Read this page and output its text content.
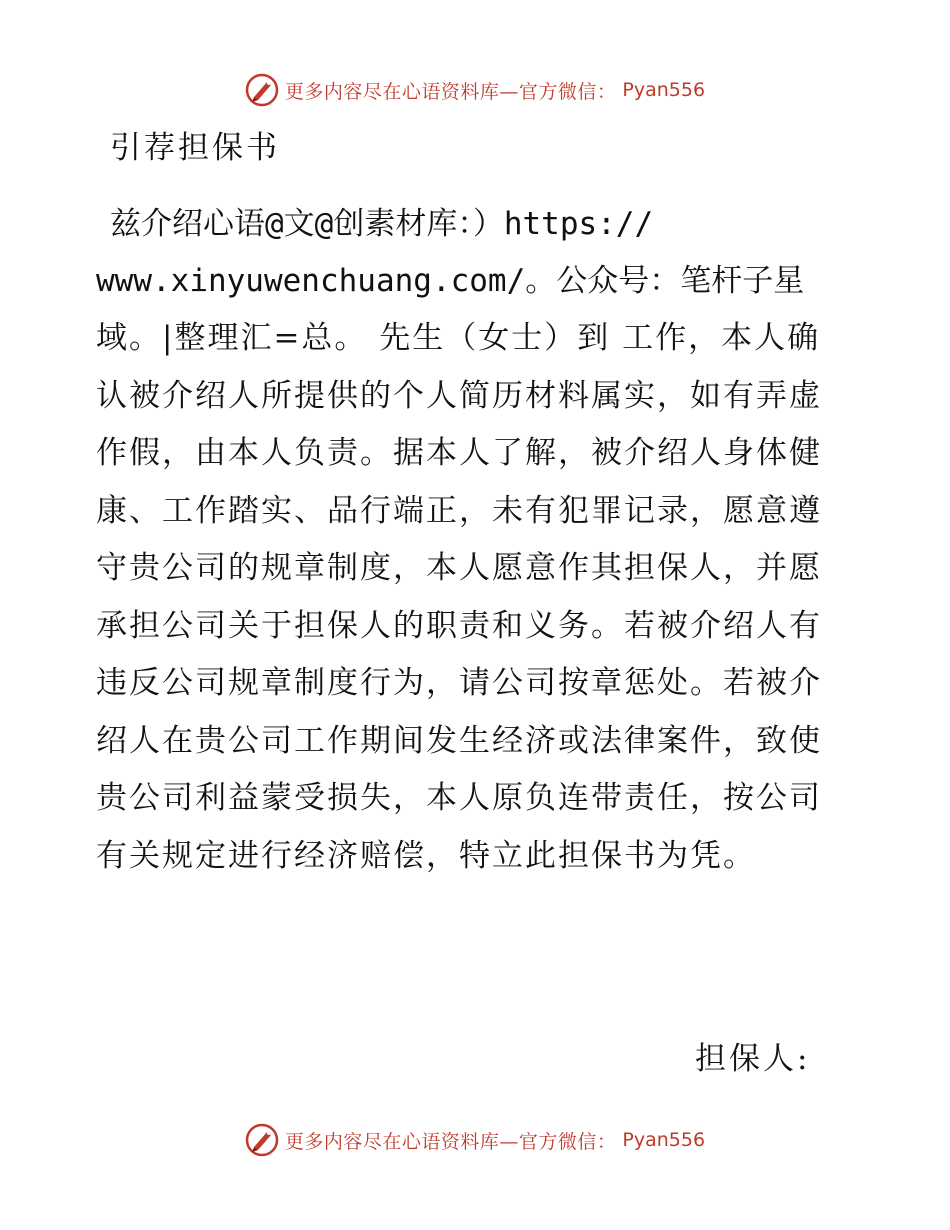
更多内容尽在心语资料库—官方微信： Pyan556
引荐担保书
兹介绍心语@文@创素材库：）https://
www.xinyuwenchuang.com/。公众号：笔杆子星
域。|整理汇=总。 先生（女士）到 工作，本人确
认被介绍人所提供的个人简历材料属实，如有弄虚
作假，由本人负责。据本人了解，被介绍人身体健
康、工作踏实、品行端正，未有犯罪记录，愿意遵
守贵公司的规章制度，本人愿意作其担保人，并愿
承担公司关于担保人的职责和义务。若被介绍人有
违反公司规章制度行为，请公司按章惩处。若被介
绍人在贵公司工作期间发生经济或法律案件，致使
贵公司利益蒙受损失，本人原负连带责任，按公司
有关规定进行经济赔偿，特立此担保书为凭。
担保人:
更多内容尽在心语资料库—官方微信： Pyan556
